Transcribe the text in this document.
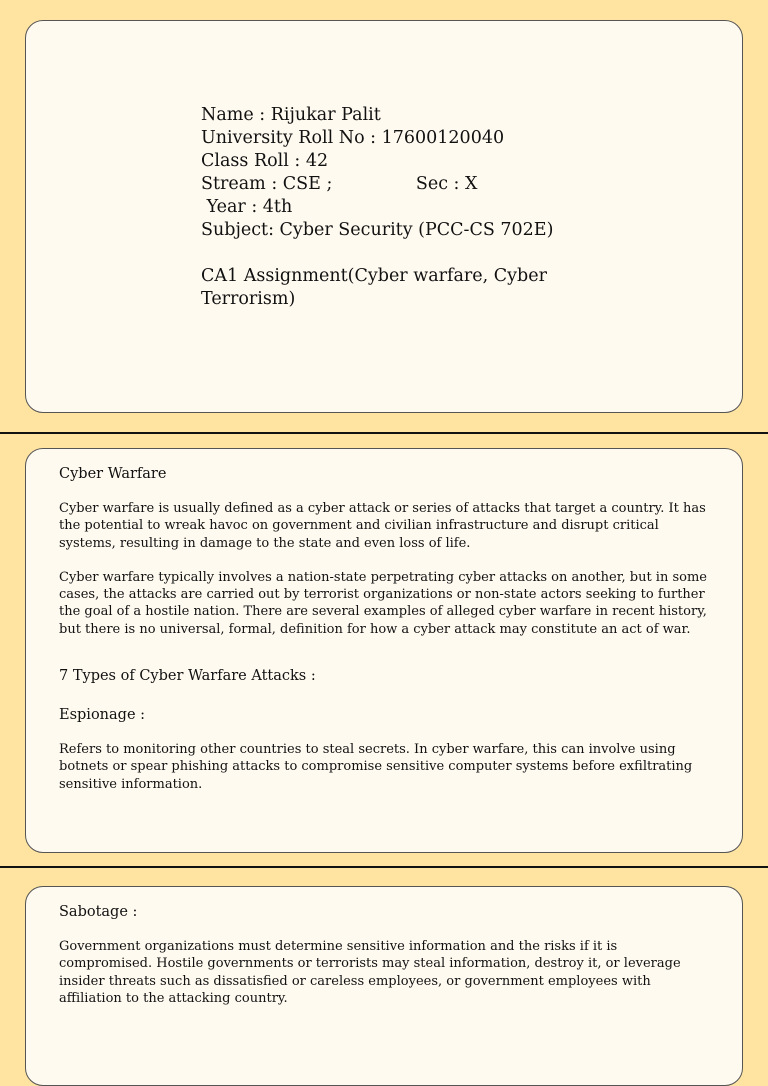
Name : Rijukar Palit
University Roll No : 17600120040
Class Roll : 42
Stream : CSE ;               Sec : X
Year : 4th
Subject: Cyber Security (PCC-CS 702E)
CA1 Assignment(Cyber warfare, Cyber
Terrorism)

Cyber Warfare

Cyber warfare is usually defined as a cyber attack or series of attacks that target a country. It has the potential to wreak havoc on government and civilian infrastructure and disrupt critical systems, resulting in damage to the state and even loss of life.

Cyber warfare typically involves a nation-state perpetrating cyber attacks on another, but in some cases, the attacks are carried out by terrorist organizations or non-state actors seeking to further the goal of a hostile nation. There are several examples of alleged cyber warfare in recent history, but there is no universal, formal, definition for how a cyber attack may constitute an act of war.

7 Types of Cyber Warfare Attacks :

Espionage :

Refers to monitoring other countries to steal secrets. In cyber warfare, this can involve using botnets or spear phishing attacks to compromise sensitive computer systems before exfiltrating sensitive information.

Sabotage :

Government organizations must determine sensitive information and the risks if it is compromised. Hostile governments or terrorists may steal information, destroy it, or leverage insider threats such as dissatisfied or careless employees, or government employees with affiliation to the attacking country.
